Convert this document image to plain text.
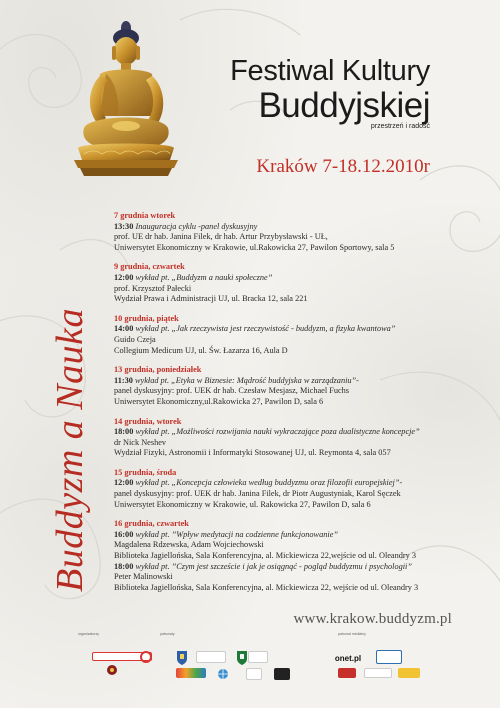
Festiwal Kultury
Buddyjskiej
przestrzeń i radość
Kraków 7-18.12.2010r
Buddyzm a Nauka
7 grudnia wtorek
13:30 Inauguracja cyklu -panel dyskusyjny
prof. UE dr hab. Janina Filek, dr hab. Artur Przybysławski - UŁ,
Uniwersytet Ekonomiczny w Krakowie, ul.Rakowicka 27, Pawilon Sportowy, sala 5
9 grudnia, czwartek
12:00 wykład pt. „Buddyzm a nauki społeczne”
prof. Krzysztof Pałecki
Wydział Prawa i Administracji UJ, ul. Bracka 12, sala 221
10 grudnia, piątek
14:00 wykład pt. „Jak rzeczywista jest rzeczywistość - buddyzm, a fizyka kwantowa”
Guido Czeja
Collegium Medicum UJ, ul. Św. Łazarza 16, Aula D
13 grudnia, poniedziałek
11:30 wykład pt. „Etyka w Biznesie: Mądrość buddyjska w zarządzaniu”-
panel dyskusyjny: prof. UEK dr hab. Czesław Mesjasz, Michael Fuchs
Uniwersytet Ekonomiczny,ul.Rakowicka 27, Pawilon D, sala 6
14 grudnia, wtorek
18:00 wykład pt. „Możliwości rozwijania nauki wykraczające poza dualistyczne koncepcje”
dr Nick Neshev
Wydział Fizyki, Astronomii i Informatyki Stosowanej UJ, ul. Reymonta 4, sala 057
15 grudnia, środa
12:00 wykład pt. „Koncepcja człowieka według buddyzmu oraz filozofii europejskiej”-
panel dyskusyjny: prof. UEK dr hab. Janina Filek, dr Piotr Augustyniak, Karol Sęczek
Uniwersytet Ekonomiczny w Krakowie, ul. Rakowicka 27, Pawilon D, sala 6
16 grudnia, czwartek
16:00 wykład pt. ”Wpływ medytacji na codzienne funkcjonowanie”
Magdalena Rdzewska, Adam Wojciechowski
Biblioteka Jagiellońska, Sala Konferencyjna, al. Mickiewicza 22,wejście od ul. Oleandry 3
18:00 wykład pt. ”Czym jest szczeście i jak je osiągnąć - pogląd buddyzmu i psychologii”
Peter Malinowski
Biblioteka Jagiellońska, Sala Konferencyjna, al. Mickiewicza 22, wejście od ul. Oleandry 3
www.krakow.buddyzm.pl
organizatorzy	patronaty	patronat medialny
onet.pl
